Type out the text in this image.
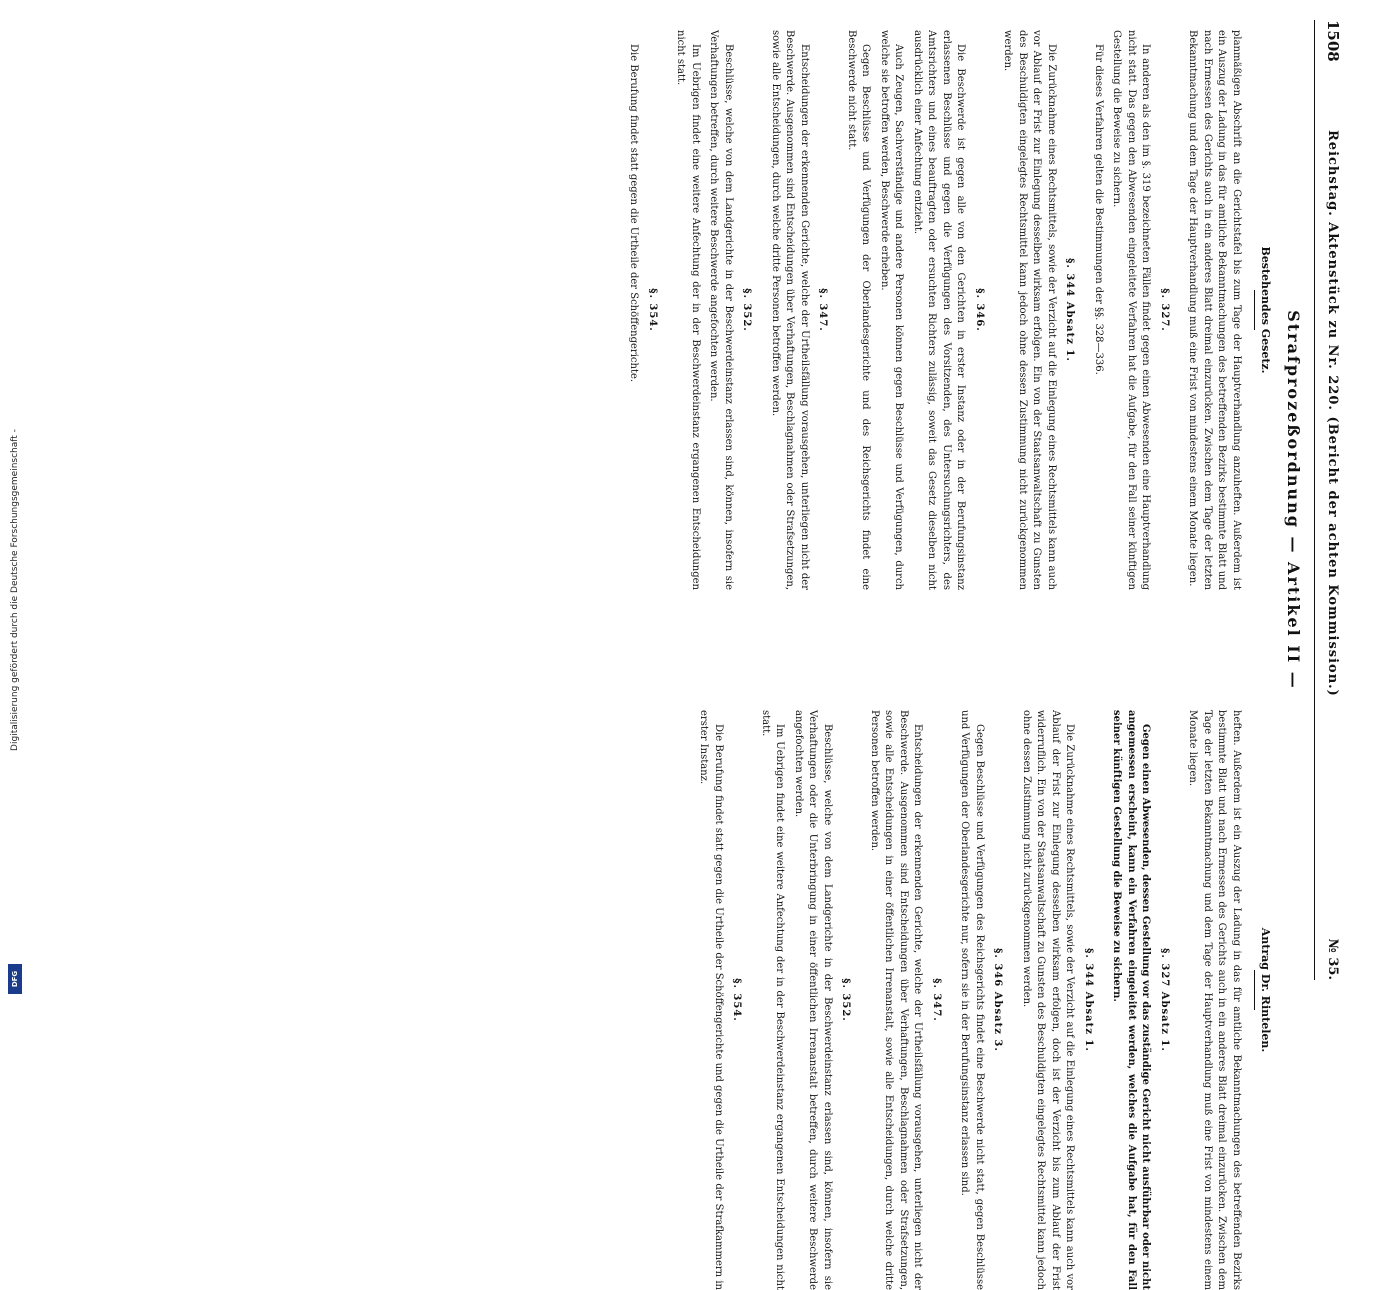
Digitalisierung gefördert durch die Deutsche Forschungsgemeinschaft -
DFG
1508
Reichstag. Aktenstück zu Nr. 220. (Bericht der achten Kommission.)
№ 35.
Strafprozeßordnung — Artikel II —
Bestehendes Gesetz.
Antrag Dr. Rintelen.

planmäßigen Abschrift an die Gerichtstafel bis zum Tage der Hauptverhandlung anzuheften. Außerdem ist ein Auszug der Ladung in das für amtliche Bekanntmachungen des betreffenden Bezirks bestimmte Blatt und nach Ermessen des Gerichts auch in ein anderes Blatt dreimal einzurücken. Zwischen dem Tage der letzten Bekanntmachung und dem Tage der Hauptverhandlung muß eine Frist von mindestens einem Monate liegen.

§. 327.

In anderen als den im §. 319 bezeichneten Fällen findet gegen einen Abwesenden eine Hauptverhandlung nicht statt. Das gegen den Abwesenden eingeleitete Verfahren hat die Aufgabe, für den Fall seiner künftigen Gestellung die Beweise zu sichern.

Für dieses Verfahren gelten die Bestimmungen der §§. 328—336.

§. 344 Absatz 1.

Die Zurücknahme eines Rechtsmittels, sowie der Verzicht auf die Einlegung eines Rechtsmittels kann auch vor Ablauf der Frist zur Einlegung desselben wirksam erfolgen. Ein von der Staatsanwaltschaft zu Gunsten des Beschuldigten eingelegtes Rechtsmittel kann jedoch ohne dessen Zustimmung nicht zurückgenommen werden.

§. 346.

Die Beschwerde ist gegen alle von den Gerichten in erster Instanz oder in der Berufungsinstanz erlassenen Beschlüsse und gegen die Verfügungen des Vorsitzenden, des Untersuchungsrichters, des Amtsrichters und eines beauftragten oder ersuchten Richters zulässig, soweit das Gesetz dieselben nicht ausdrücklich einer Anfechtung entzieht.

Auch Zeugen, Sachverständige und andere Personen können gegen Beschlüsse und Verfügungen, durch welche sie betroffen werden, Beschwerde erheben.

Gegen Beschlüsse und Verfügungen der Oberlandesgerichte und des Reichsgerichts findet eine Beschwerde nicht statt.

§. 347.

Entscheidungen der erkennenden Gerichte, welche der Urtheilsfällung vorausgehen, unterliegen nicht der Beschwerde. Ausgenommen sind Entscheidungen über Verhaftungen, Beschlagnahmen oder Strafsetzungen, sowie alle Entscheidungen, durch welche dritte Personen betroffen werden.

§. 352.

Beschlüsse, welche von dem Landgerichte in der Beschwerdeinstanz erlassen sind, können, insofern sie Verhaftungen betreffen, durch weitere Beschwerde angefochten werden.

Im Uebrigen findet eine weitere Anfechtung der in der Beschwerdeinstanz ergangenen Entscheidungen nicht statt.

§. 354.

Die Berufung findet statt gegen die Urtheile der Schöffengerichte.

heften. Außerdem ist ein Auszug der Ladung in das für amtliche Bekanntmachungen des betreffenden Bezirks bestimmte Blatt und nach Ermessen des Gerichts auch in ein anderes Blatt dreimal einzurücken. Zwischen dem Tage der letzten Bekanntmachung und dem Tage der Hauptverhandlung muß eine Frist von mindestens einem Monate liegen.

§. 327 Absatz 1.

Gegen einen Abwesenden, dessen Gestellung vor das zuständige Gericht nicht ausführbar oder nicht angemessen erscheint, kann ein Verfahren eingeleitet werden, welches die Aufgabe hat, für den Fall seiner künftigen Gestellung die Beweise zu sichern.

§. 344 Absatz 1.

Die Zurücknahme eines Rechtsmittels, sowie der Verzicht auf die Einlegung eines Rechtsmittels kann auch vor Ablauf der Frist zur Einlegung desselben wirksam erfolgen, doch ist der Verzicht bis zum Ablauf der Frist widerruflich. Ein von der Staatsanwaltschaft zu Gunsten des Beschuldigten eingelegtes Rechtsmittel kann jedoch ohne dessen Zustimmung nicht zurückgenommen werden.

§. 346 Absatz 3.

Gegen Beschlüsse und Verfügungen des Reichsgerichts findet eine Beschwerde nicht statt, gegen Beschlüsse und Verfügungen der Oberlandesgerichte nur, sofern sie in der Berufungsinstanz erlassen sind.

§. 347.

Entscheidungen der erkennenden Gerichte, welche der Urtheilsfällung vorausgehen, unterliegen nicht der Beschwerde. Ausgenommen sind Entscheidungen über Verhaftungen, Beschlagnahmen oder Strafsetzungen, sowie alle Entscheidungen in einer öffentlichen Irrenanstalt, sowie alle Entscheidungen, durch welche dritte Personen betroffen werden.

§. 352.

Beschlüsse, welche von dem Landgerichte in der Beschwerdeinstanz erlassen sind, können, insofern sie Verhaftungen oder die Unterbringung in einer öffentlichen Irrenanstalt betreffen, durch weitere Beschwerde angefochten werden.

Im Uebrigen findet eine weitere Anfechtung der in der Beschwerdeinstanz ergangenen Entscheidungen nicht statt.

§. 354.

Die Berufung findet statt gegen die Urtheile der Schöffengerichte und gegen die Urtheile der Strafkammern in erster Instanz.
